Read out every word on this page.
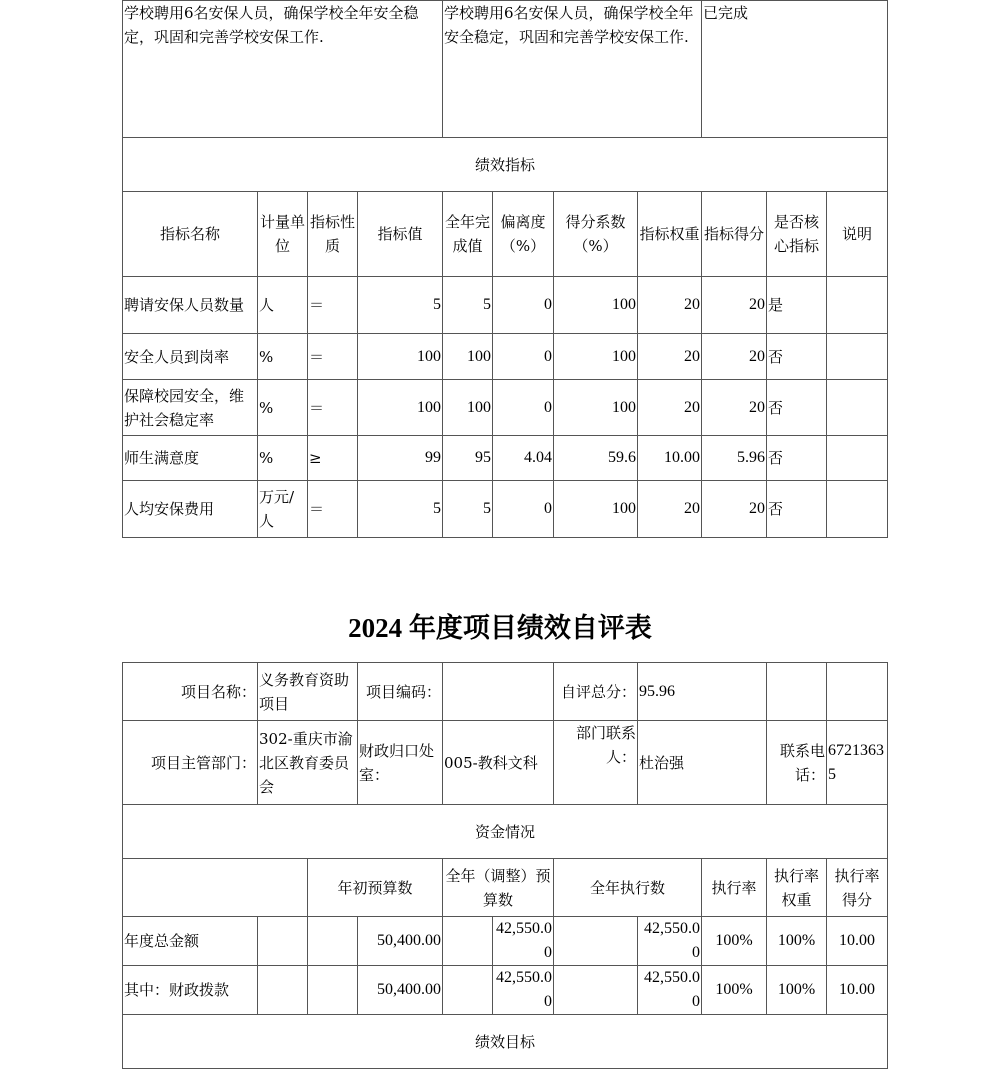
学校聘用6名安保人员，确保学校全年安全稳定，巩固和完善学校安保工作.				学校聘用6名安保人员，确保学校全年安全稳定，巩固和完善学校安保工作.				已完成		
绩效指标										
指标名称	计量单位	指标性质	指标值	全年完成值	偏离度（%）	得分系数（%）	指标权重	指标得分	是否核心指标	说明
聘请安保人员数量	人	＝	5	5	0	100	20	20	是	
安全人员到岗率	%	＝	100	100	0	100	20	20	否	
保障校园安全，维护社会稳定率	%	＝	100	100	0	100	20	20	否	
师生满意度	%	≥	99	95	4.04	59.6	10.00	5.96	否	
人均安保费用	万元/人	＝	5	5	0	100	20	20	否	
2024 年度项目绩效自评表
项目名称：	义务教育资助项目		项目编码：			自评总分：	95.96			
项目主管部门：	302-重庆市渝北区教育委员会		财政归口处室：	005-教科文科		部门联系人：	杜治强		联系电话：	67213635
资金情况										
		年初预算数		全年（调整）预算数		全年执行数		执行率	执行率权重	执行率得分
年度总金额			50,400.00		42,550.00		42,550.00	100%	100%	10.00
其中：财政拨款			50,400.00		42,550.00		42,550.00	100%	100%	10.00
绩效目标										
